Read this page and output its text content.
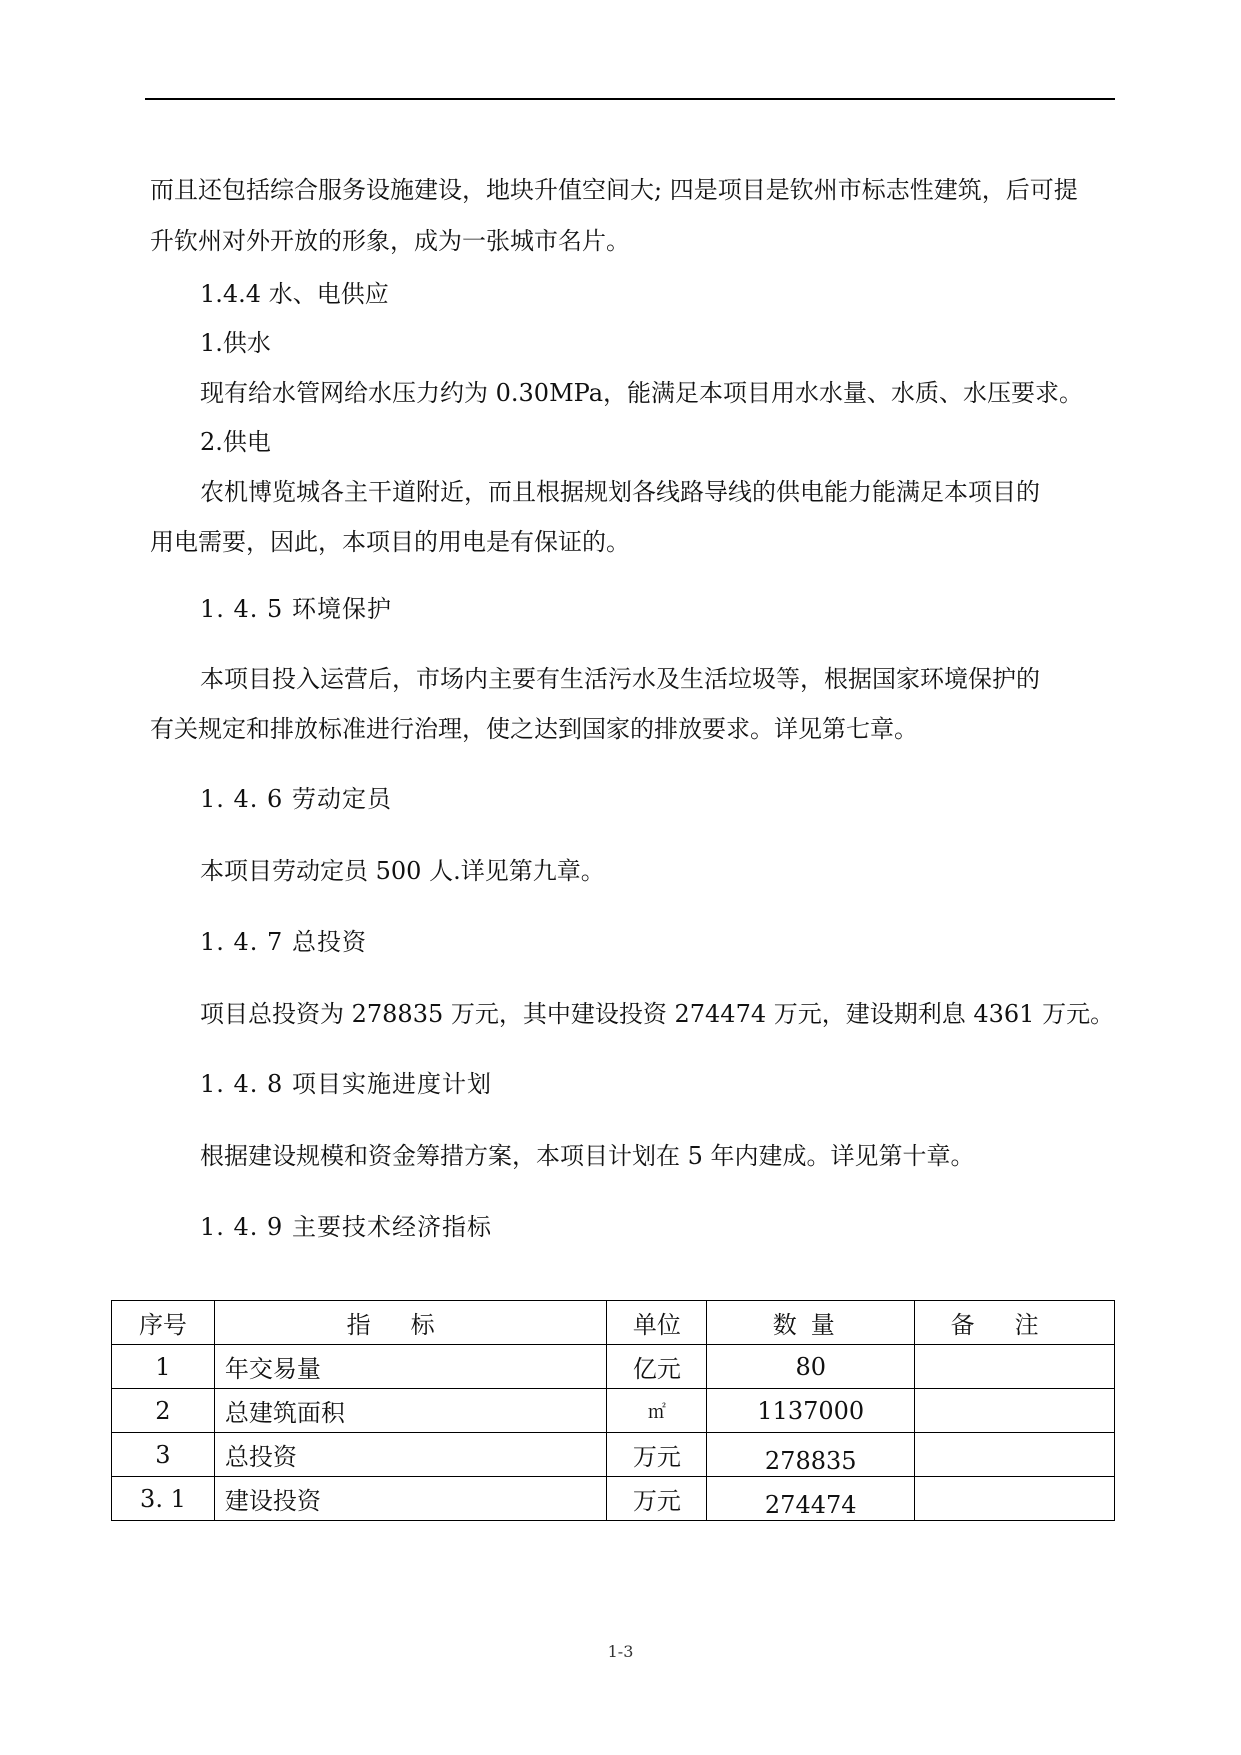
而且还包括综合服务设施建设，地块升值空间大; 四是项目是钦州市标志性建筑，后可提
升钦州对外开放的形象，成为一张城市名片。
1.4.4 水、电供应
1.供水
现有给水管网给水压力约为 0.30MPa，能满足本项目用水水量、水质、水压要求。
2.供电
农机博览城各主干道附近，而且根据规划各线路导线的供电能力能满足本项目的
用电需要，因此，本项目的用电是有保证的。
1. 4. 5 环境保护
本项目投入运营后，市场内主要有生活污水及生活垃圾等，根据国家环境保护的
有关规定和排放标准进行治理，使之达到国家的排放要求。详见第七章。
1. 4. 6 劳动定员
本项目劳动定员 500 人.详见第九章。
1. 4. 7 总投资
项目总投资为 278835 万元，其中建设投资 274474 万元，建设期利息 4361 万元。
1. 4. 8 项目实施进度计划
根据建设规模和资金筹措方案，本项目计划在 5 年内建成。详见第十章。
1. 4. 9 主要技术经济指标
序号	指标	单位	数量	备注
1	年交易量	亿元	80	
2	总建筑面积	㎡	1137000	
3	总投资	万元	278835	
3. 1	建设投资	万元	274474	
1-3
